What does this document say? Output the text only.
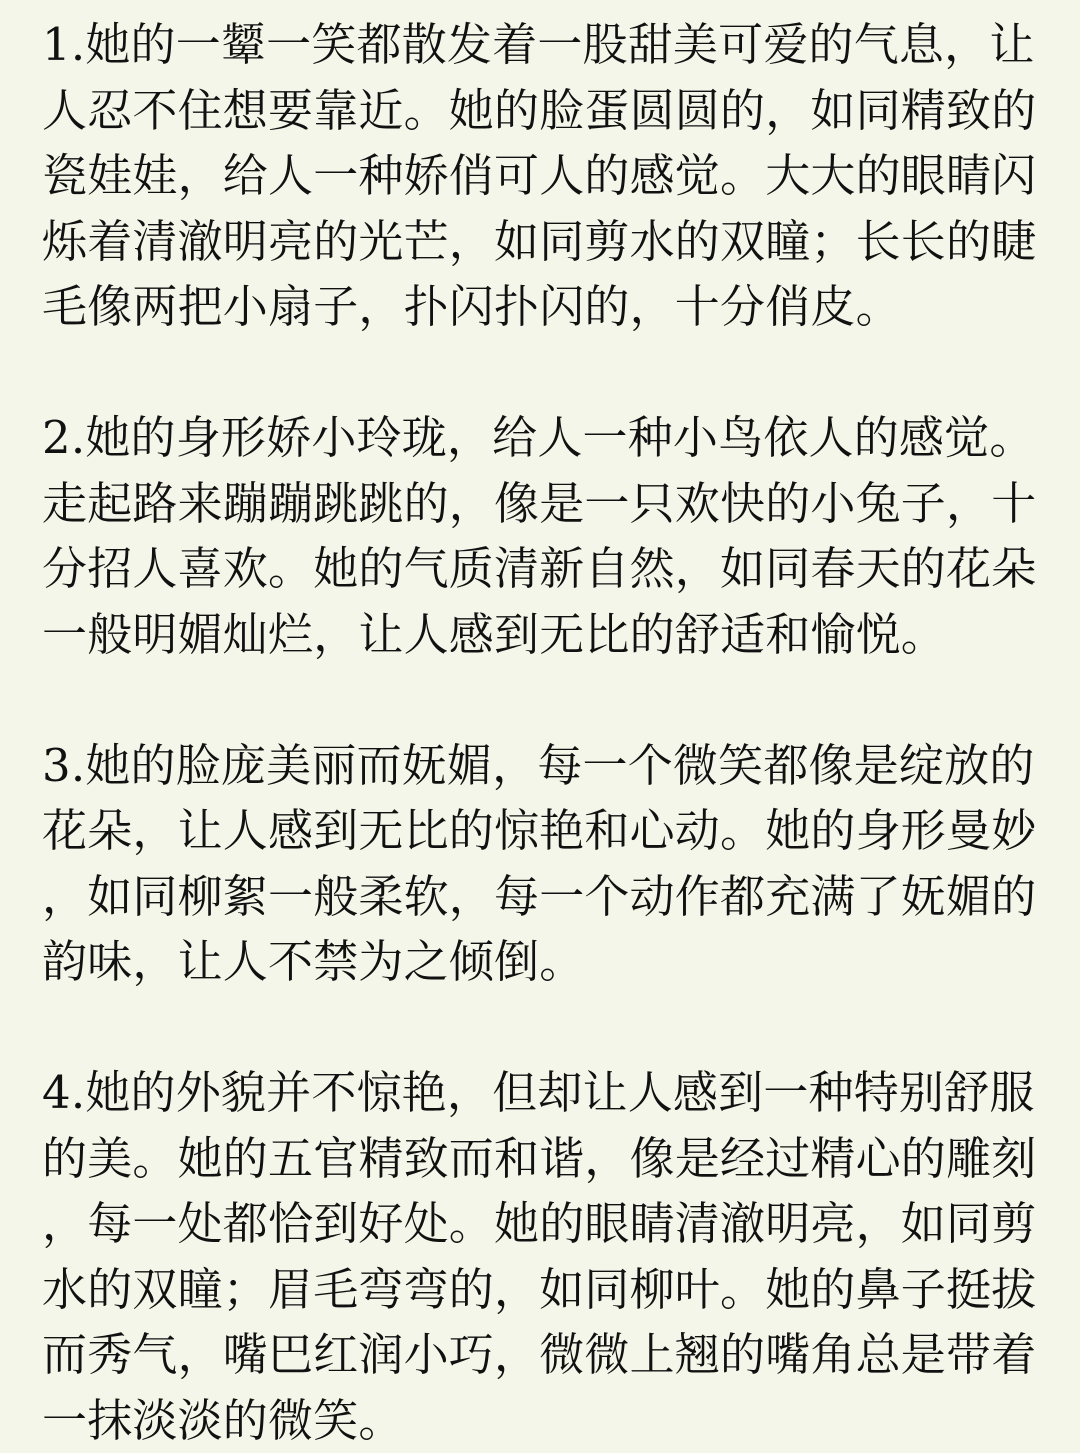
1.她的一颦一笑都散发着一股甜美可爱的气息，让
人忍不住想要靠近。她的脸蛋圆圆的，如同精致的
瓷娃娃，给人一种娇俏可人的感觉。大大的眼睛闪
烁着清澈明亮的光芒，如同剪水的双瞳；长长的睫
毛像两把小扇子，扑闪扑闪的，十分俏皮。
2.她的身形娇小玲珑，给人一种小鸟依人的感觉。
走起路来蹦蹦跳跳的，像是一只欢快的小兔子，十
分招人喜欢。她的气质清新自然，如同春天的花朵
一般明媚灿烂，让人感到无比的舒适和愉悦。
3.她的脸庞美丽而妩媚，每一个微笑都像是绽放的
花朵，让人感到无比的惊艳和心动。她的身形曼妙
，如同柳絮一般柔软，每一个动作都充满了妩媚的
韵味，让人不禁为之倾倒。
4.她的外貌并不惊艳，但却让人感到一种特别舒服
的美。她的五官精致而和谐，像是经过精心的雕刻
，每一处都恰到好处。她的眼睛清澈明亮，如同剪
水的双瞳；眉毛弯弯的，如同柳叶。她的鼻子挺拔
而秀气，嘴巴红润小巧，微微上翘的嘴角总是带着
一抹淡淡的微笑。
